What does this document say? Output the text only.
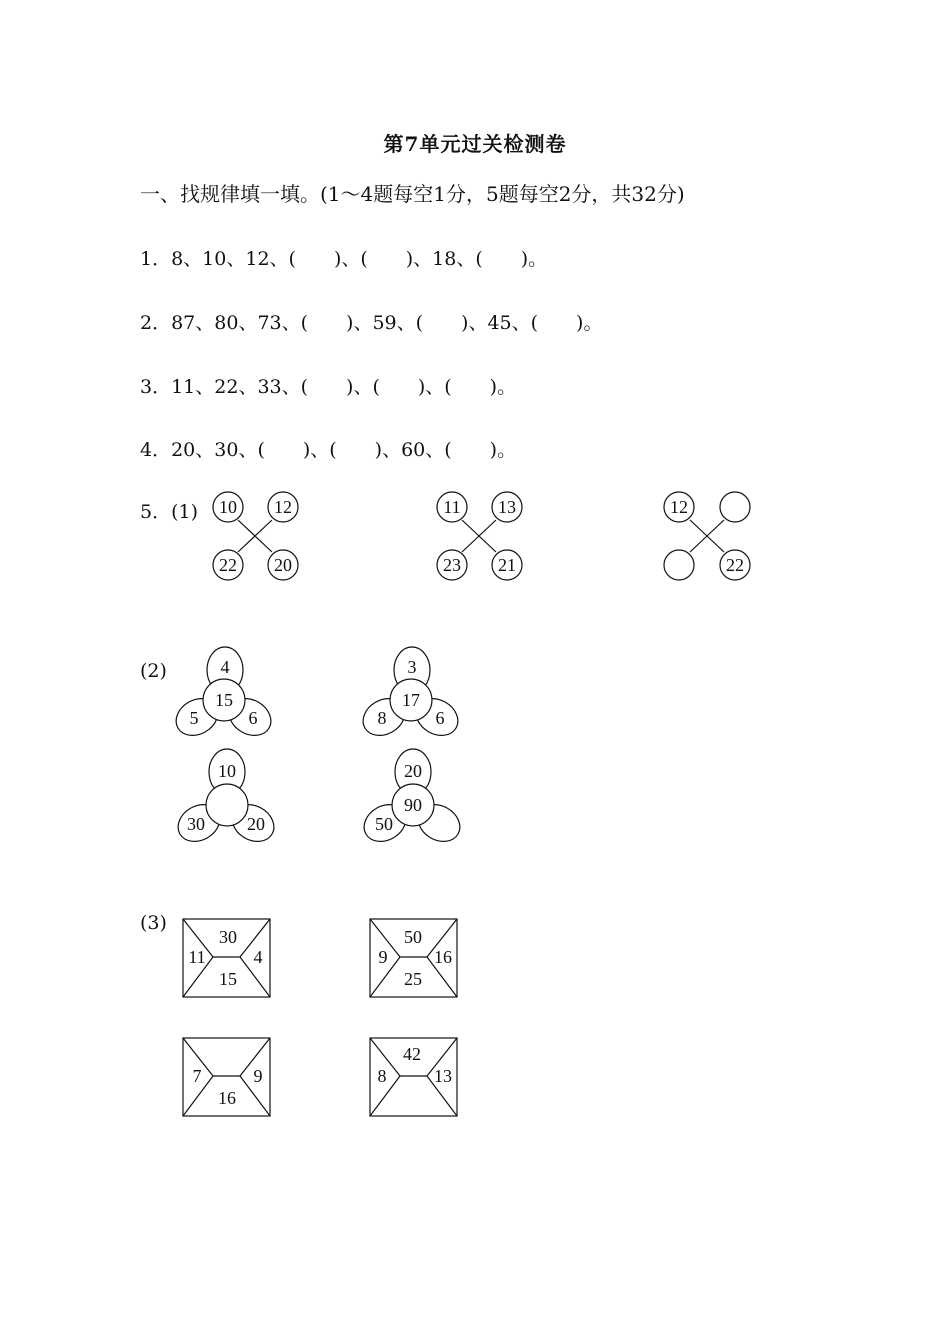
第7单元过关检测卷
一、找规律填一填。(1～4题每空1分，5题每空2分，共32分)
1．8、10、12、(　　)、(　　)、18、(　　)。
2．87、80、73、(　　)、59、(　　)、45、(　　)。
3．11、22、33、(　　)、(　　)、(　　)。
4．20、30、(　　)、(　　)、60、(　　)。
5．(1)
(2)
(3)
10 12
22 20
11 13
23 21
12
22
4
15
5	6
3
17
8	6
10
30 20
20
90
50
30
11	4
15
50
9	16
25
7	9
16
42
8	13
